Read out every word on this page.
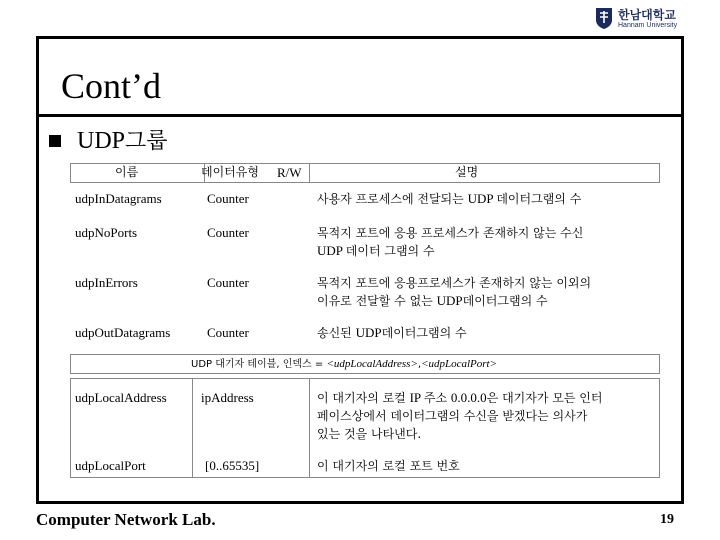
한남대학교
Hannam University
Cont’d
UDP그룹
이름	데이터유형 R/W	설명
udpInDatagrams	Counter	사용자 프로세스에 전달되는 UDP 데이터그램의 수
udpNoPorts	Counter	목적지 포트에 응용 프로세스가 존재하지 않는 수신
UDP 데이터 그램의 수
udpInErrors	Counter	목적지 포트에 응용프로세스가 존재하지 않는 이외의
이유로 전달할 수 없는 UDP데이터그램의 수
udpOutDatagrams	Counter	송신된 UDP데이터그램의 수
UDP 대기자 테이블, 인덱스 = <udpLocalAddress>,<udpLocalPort>
udpLocalAddress	ipAddress	이 대기자의 로컬 IP 주소 0.0.0.0은 대기자가 모든 인터
페이스상에서 데이터그램의 수신을 받겠다는 의사가
있는 것을 나타낸다.
udpLocalPort	[0..65535]	이 대기자의 로컬 포트 번호
Computer Network Lab.	19
